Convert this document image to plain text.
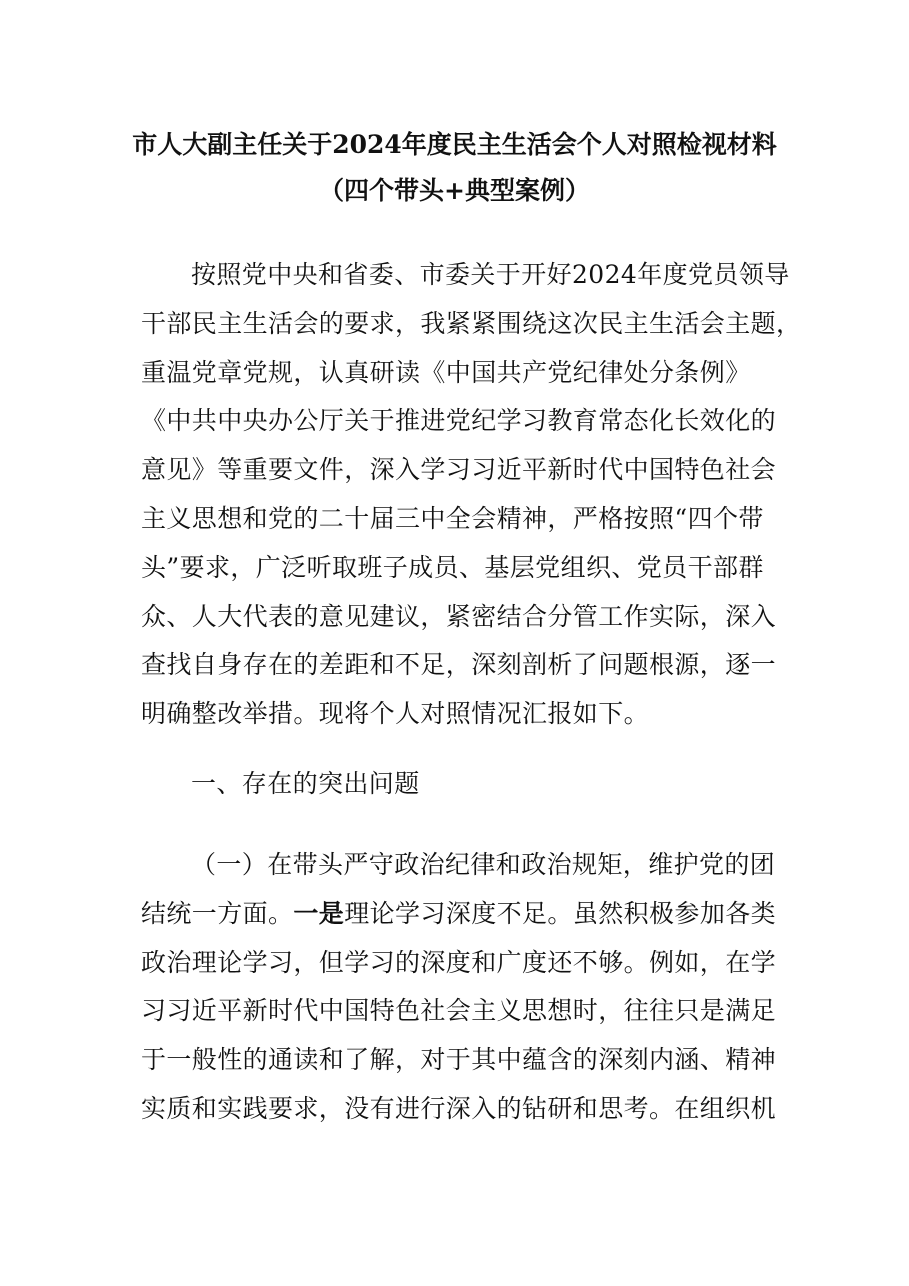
市人大副主任关于2024年度民主生活会个人对照检视材料
（四个带头+典型案例）
按照党中央和省委、市委关于开好2024年度党员领导
干部民主生活会的要求，我紧紧围绕这次民主生活会主题，
重温党章党规，认真研读《中国共产党纪律处分条例》
《中共中央办公厅关于推进党纪学习教育常态化长效化的
意见》等重要文件，深入学习习近平新时代中国特色社会
主义思想和党的二十届三中全会精神，严格按照“四个带
头”要求，广泛听取班子成员、基层党组织、党员干部群
众、人大代表的意见建议，紧密结合分管工作实际，深入
查找自身存在的差距和不足，深刻剖析了问题根源，逐一
明确整改举措。现将个人对照情况汇报如下。
一、存在的突出问题
（一）在带头严守政治纪律和政治规矩，维护党的团
结统一方面。一是理论学习深度不足。虽然积极参加各类
政治理论学习，但学习的深度和广度还不够。例如，在学
习习近平新时代中国特色社会主义思想时，往往只是满足
于一般性的通读和了解，对于其中蕴含的深刻内涵、精神
实质和实践要求，没有进行深入的钻研和思考。在组织机
